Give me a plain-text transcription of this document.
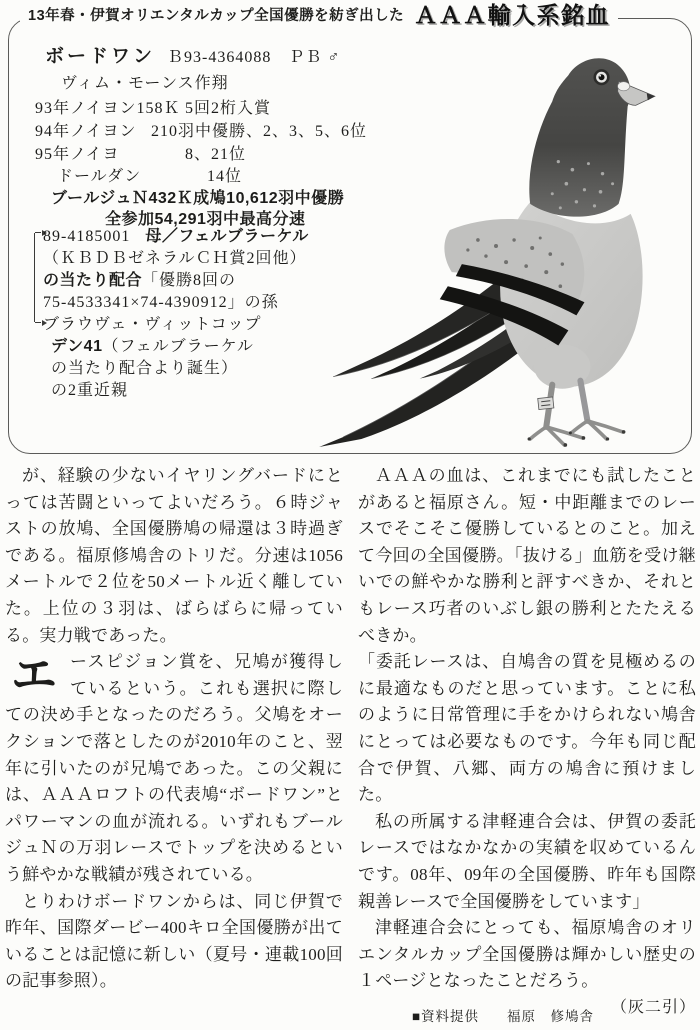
13年春・伊賀オリエンタルカップ全国優勝を紡ぎ出した ＡＡＡ輸入系銘血
ボードワン Ｂ93-4364088　ＰＢ ♂
ヴィム・モーンス作翔
93年ノイヨン158Ｋ 5回2桁入賞
94年ノイヨン 210羽中優勝、2、3、5、6位
95年ノイヨ	8、21位
ドールダン	14位
ブールジュＮ432Ｋ成鳩10,612羽中優勝
全参加54,291羽中最高分速
89-4185001 母／フェルブラーケル
（ＫＢＤＢゼネラルＣＨ賞2回他）
の当たり配合「優勝8回の
75-4533341×74-4390912」の孫
ブラウヴェ・ヴィットコップ
デン41（フェルブラーケル
の当たり配合より誕生）
の2重近親

が、経験の少ないイヤリングバードにとっては苦闘といってよいだろう。６時ジャストの放鳩、全国優勝鳩の帰還は３時過ぎである。福原修鳩舎のトリだ。分速は1056メートルで２位を50メートル近く離していた。上位の３羽は、ばらばらに帰っている。実力戦であった。

エ ースピジョン賞を、兄鳩が獲得しているという。これも選択に際しての決め手となったのだろう。父鳩をオークションで落としたのが2010年のこと、翌年に引いたのが兄鳩であった。この父親には、ＡＡＡロフトの代表鳩“ボードワン”とパワーマンの血が流れる。いずれもブールジュＮの万羽レースでトップを決めるという鮮やかな戦績が残されている。

とりわけボードワンからは、同じ伊賀で昨年、国際ダービー400キロ全国優勝が出ていることは記憶に新しい（夏号・連載100回の記事参照）。

ＡＡＡの血は、これまでにも試したことがあると福原さん。短・中距離までのレースでそこそこ優勝しているとのこと。加えて今回の全国優勝。「抜ける」血筋を受け継いでの鮮やかな勝利と評すべきか、それともレース巧者のいぶし銀の勝利とたたえるべきか。

「委託レースは、自鳩舎の質を見極めるのに最適なものだと思っています。ことに私のように日常管理に手をかけられない鳩舎にとっては必要なものです。今年も同じ配合で伊賀、八郷、両方の鳩舎に預けました。

私の所属する津軽連合会は、伊賀の委託レースではなかなかの実績を収めているんです。08年、09年の全国優勝、昨年も国際親善レースで全国優勝をしています」

津軽連合会にとっても、福原鳩舎のオリエンタルカップ全国優勝は輝かしい歴史の１ページとなったことだろう。
（灰二引）

■資料提供 福原　修鳩舎
